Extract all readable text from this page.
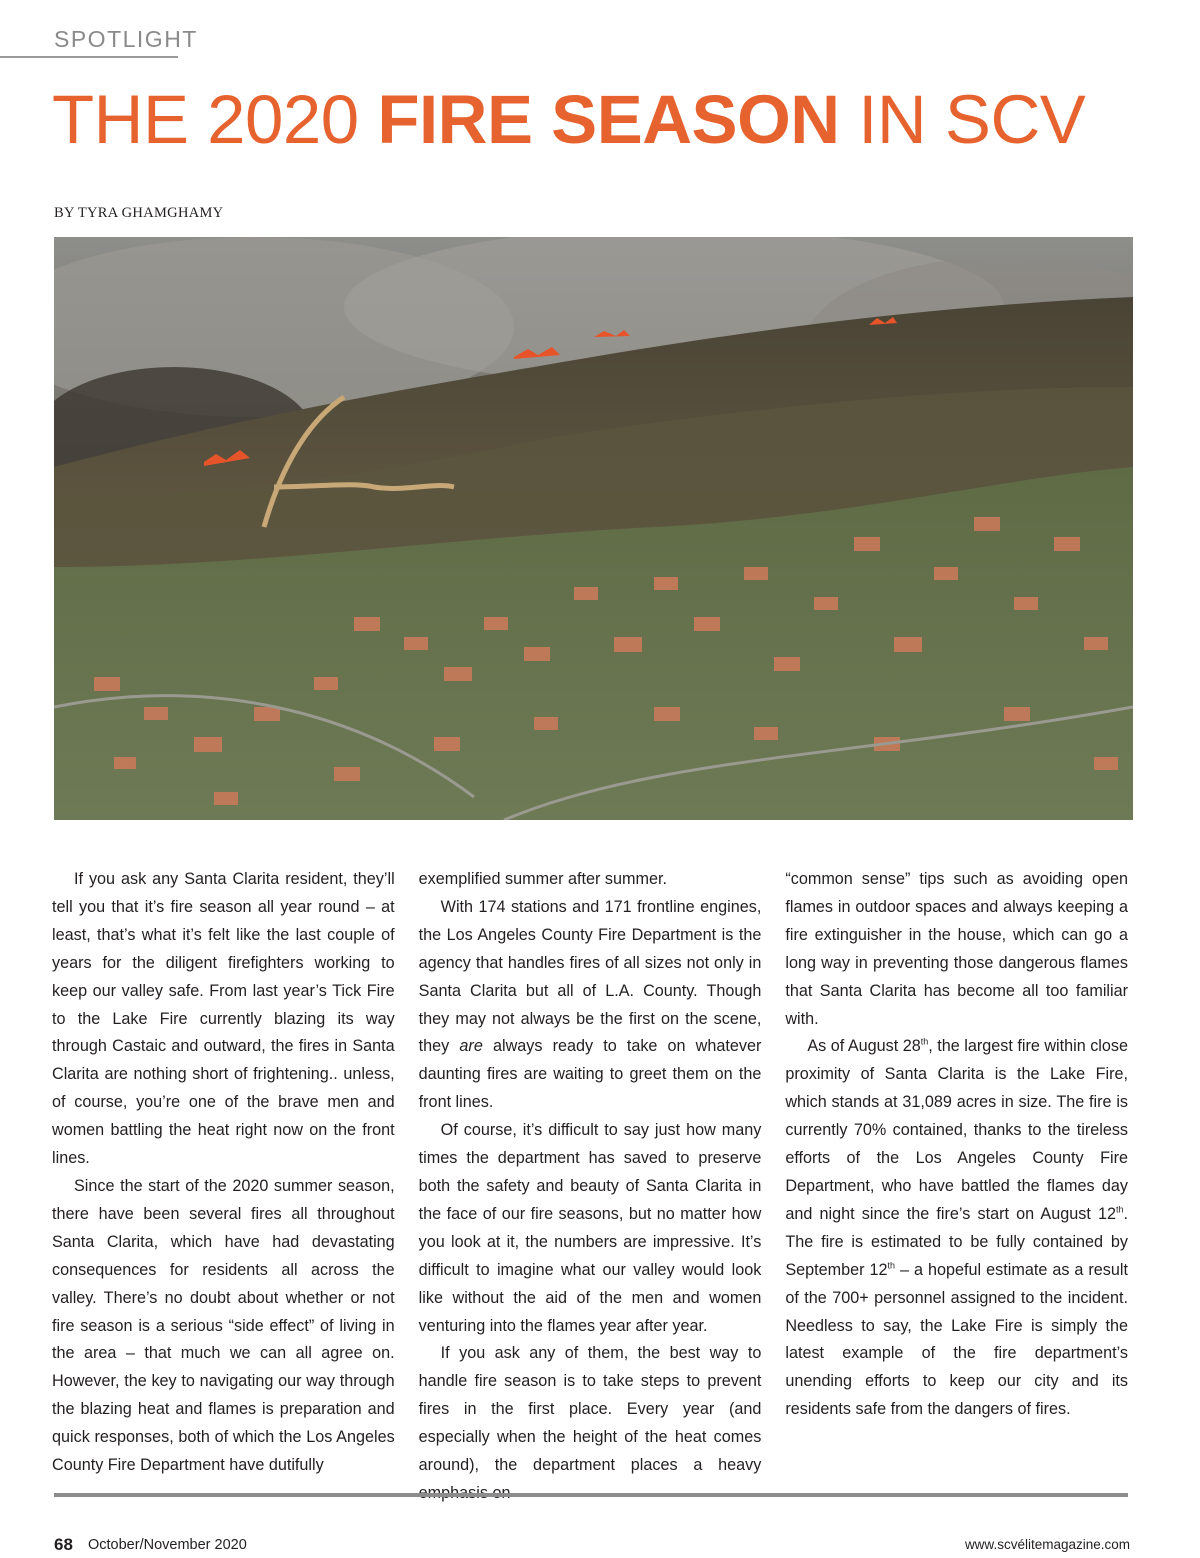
SPOTLIGHT
THE 2020 FIRE SEASON IN SCV
BY TYRA GHAMGHAMY

If you ask any Santa Clarita resident, they’ll tell you that it’s fire season all year round – at least, that’s what it’s felt like the last couple of years for the diligent firefighters working to keep our valley safe. From last year’s Tick Fire to the Lake Fire currently blazing its way through Castaic and outward, the fires in Santa Clarita are nothing short of frightening.. unless, of course, you’re one of the brave men and women battling the heat right now on the front lines.

Since the start of the 2020 summer season, there have been several fires all throughout Santa Clarita, which have had devastating consequences for residents all across the valley. There’s no doubt about whether or not fire season is a serious “side effect” of living in the area – that much we can all agree on. However, the key to navigating our way through the blazing heat and flames is preparation and quick responses, both of which the Los Angeles County Fire Department have dutifully

exemplified summer after summer.

With 174 stations and 171 frontline engines, the Los Angeles County Fire Department is the agency that handles fires of all sizes not only in Santa Clarita but all of L.A. County. Though they may not always be the first on the scene, they are always ready to take on whatever daunting fires are waiting to greet them on the front lines.

Of course, it’s difficult to say just how many times the department has saved to preserve both the safety and beauty of Santa Clarita in the face of our fire seasons, but no matter how you look at it, the numbers are impressive. It’s difficult to imagine what our valley would look like without the aid of the men and women venturing into the flames year after year.

If you ask any of them, the best way to handle fire season is to take steps to prevent fires in the first place. Every year (and especially when the height of the heat comes around), the department places a heavy

“common sense” tips such as avoiding open flames in outdoor spaces and always keeping a fire extinguisher in the house, which can go a long way in preventing those dangerous flames that Santa Clarita has become all too familiar with.

As of August 28th, the largest fire within close proximity of Santa Clarita is the Lake Fire, which stands at 31,089 acres in size. The fire is currently 70% contained, thanks to the tireless efforts of the Los Angeles County Fire Department, who have battled the flames day and night since the fire’s start on August 12th. The fire is estimated to be fully contained by September 12th – a hopeful estimate as a result of the 700+ personnel assigned to the incident. Needless to say, the Lake Fire is simply the latest example of the fire department’s unending efforts to keep our city and its residents safe from the dangers of fires.

68 October/November 2020	www.scvélitemagazine.com
